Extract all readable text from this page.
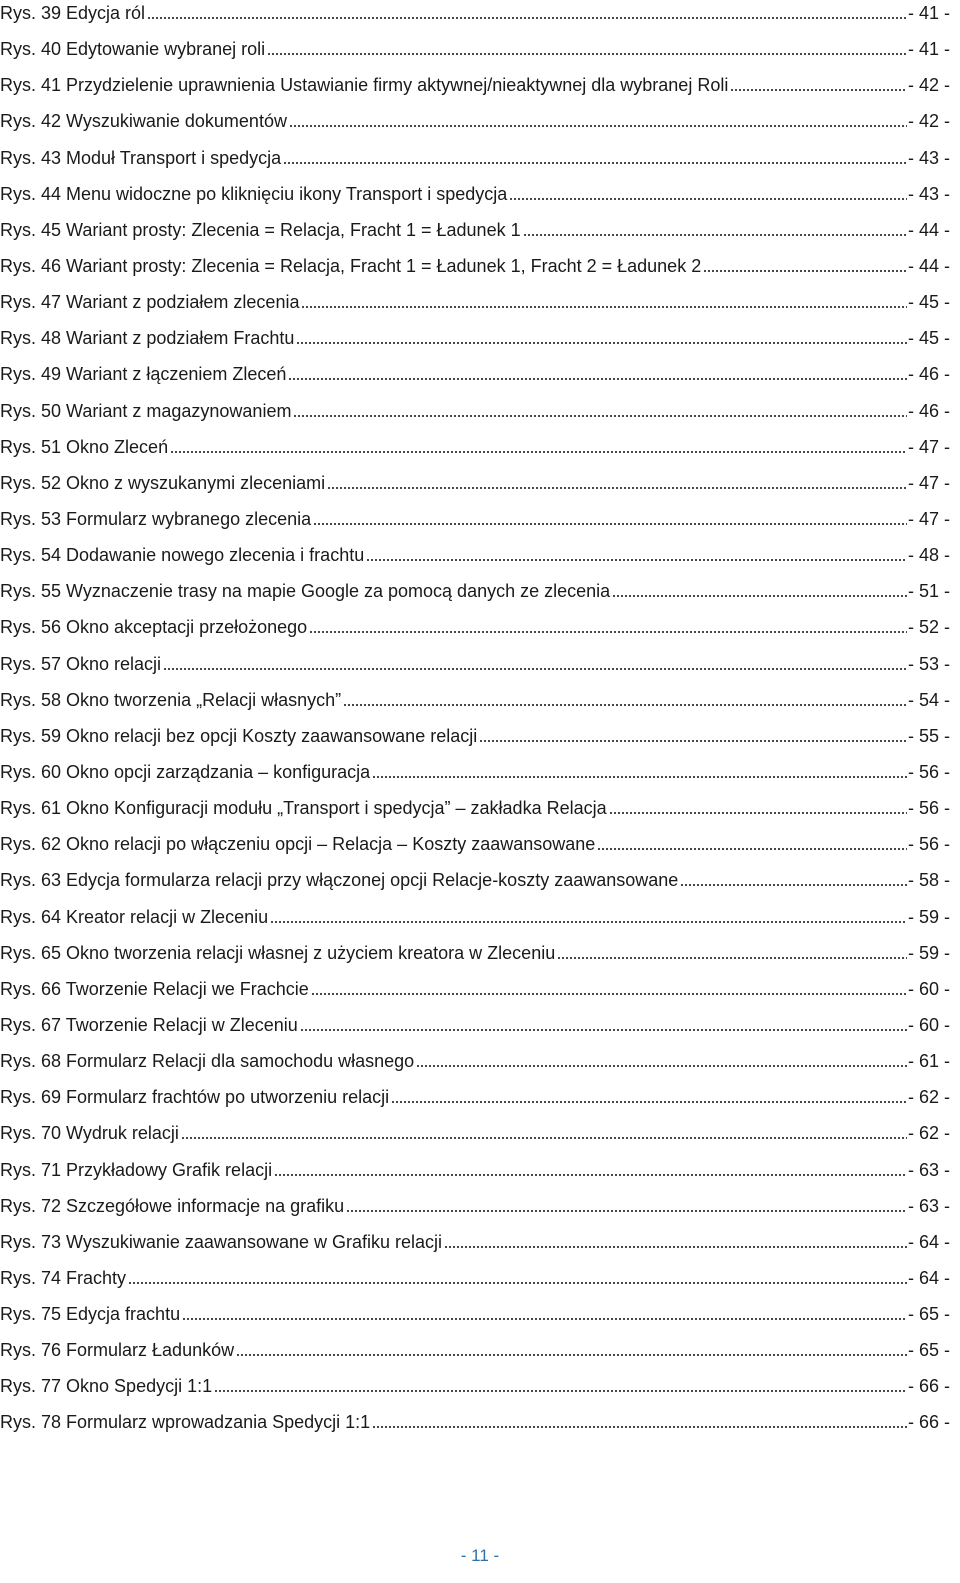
Rys. 39 Edycja ról	- 41 -
Rys. 40 Edytowanie wybranej roli	- 41 -
Rys. 41 Przydzielenie uprawnienia Ustawianie firmy aktywnej/nieaktywnej dla wybranej Roli	- 42 -
Rys. 42 Wyszukiwanie dokumentów	- 42 -
Rys. 43 Moduł Transport i spedycja	- 43 -
Rys. 44 Menu widoczne po kliknięciu ikony Transport i spedycja	- 43 -
Rys. 45 Wariant prosty: Zlecenia = Relacja, Fracht 1 = Ładunek 1	- 44 -
Rys. 46 Wariant prosty: Zlecenia = Relacja, Fracht 1 = Ładunek 1, Fracht 2 = Ładunek 2	- 44 -
Rys. 47 Wariant z podziałem zlecenia	- 45 -
Rys. 48 Wariant z podziałem Frachtu	- 45 -
Rys. 49 Wariant z łączeniem Zleceń	- 46 -
Rys. 50 Wariant z magazynowaniem	- 46 -
Rys. 51 Okno Zleceń	- 47 -
Rys. 52 Okno z wyszukanymi zleceniami	- 47 -
Rys. 53 Formularz wybranego zlecenia	- 47 -
Rys. 54 Dodawanie nowego zlecenia i frachtu	- 48 -
Rys. 55 Wyznaczenie trasy na mapie Google za pomocą danych ze zlecenia	- 51 -
Rys. 56 Okno akceptacji przełożonego	- 52 -
Rys. 57 Okno relacji	- 53 -
Rys. 58 Okno tworzenia „Relacji własnych”	- 54 -
Rys. 59 Okno relacji bez opcji Koszty zaawansowane relacji	- 55 -
Rys. 60 Okno opcji zarządzania – konfiguracja	- 56 -
Rys. 61 Okno Konfiguracji modułu „Transport i spedycja” – zakładka Relacja	- 56 -
Rys. 62 Okno relacji po włączeniu opcji – Relacja – Koszty zaawansowane	- 56 -
Rys. 63 Edycja formularza relacji przy włączonej opcji Relacje-koszty zaawansowane	- 58 -
Rys. 64 Kreator relacji w Zleceniu	- 59 -
Rys. 65 Okno tworzenia relacji własnej z użyciem kreatora w Zleceniu	- 59 -
Rys. 66 Tworzenie Relacji we Frachcie	- 60 -
Rys. 67 Tworzenie Relacji w Zleceniu	- 60 -
Rys. 68 Formularz Relacji dla samochodu własnego	- 61 -
Rys. 69 Formularz frachtów po utworzeniu relacji	- 62 -
Rys. 70 Wydruk relacji	- 62 -
Rys. 71 Przykładowy Grafik relacji	- 63 -
Rys. 72 Szczegółowe informacje na grafiku	- 63 -
Rys. 73 Wyszukiwanie zaawansowane w Grafiku relacji	- 64 -
Rys. 74 Frachty	- 64 -
Rys. 75 Edycja frachtu	- 65 -
Rys. 76 Formularz Ładunków	- 65 -
Rys. 77 Okno Spedycji 1:1	- 66 -
Rys. 78 Formularz wprowadzania Spedycji 1:1	- 66 -
- 11 -
